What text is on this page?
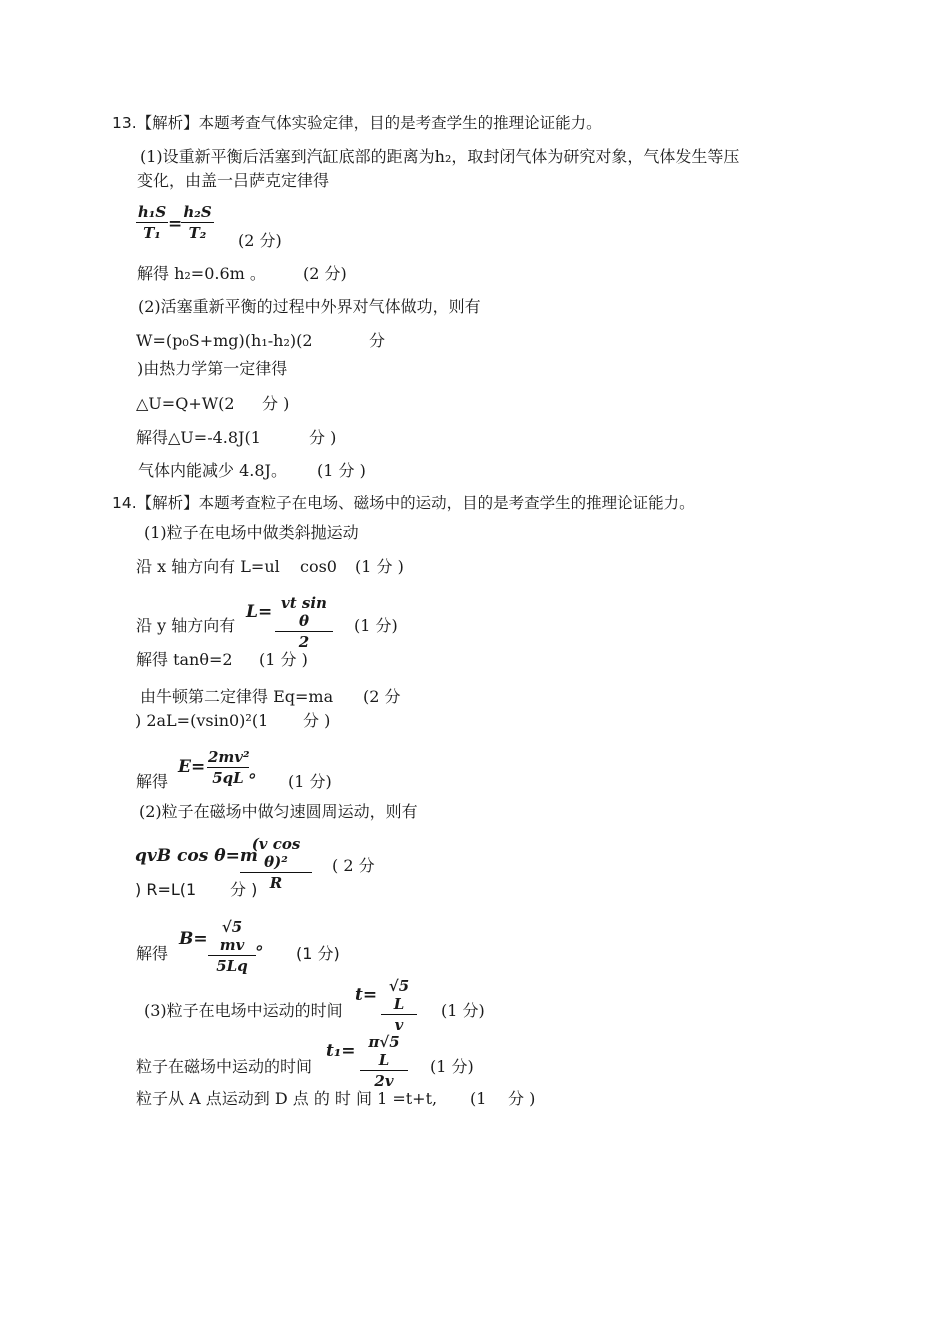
13.【解析】本题考查气体实验定律，目的是考查学生的推理论证能力。
(1)设重新平衡后活塞到汽缸底部的距离为h₂，取封闭气体为研究对象，气体发生等压
变化，由盖一吕萨克定律得
h₁S
T₁ =
h₂S
T₂	(2 分)
解得 h₂=0.6m 。 (2 分)
(2)活塞重新平衡的过程中外界对气体做功，则有
W=(p₀S+mg)(h₁-h₂)(2	分
)由热力学第一定律得
△U=Q+W(2 分 )
解得△U=-4.8J(1	分 )
气体内能减少 4.8J。 (1 分 )
14.【解析】本题考查粒子在电场、磁场中的运动，目的是考查学生的推理论证能力。
(1)粒子在电场中做类斜抛运动
沿 x 轴方向有 L=ul cos0 (1 分 )
沿 y 轴方向有
L= vt sin θ
2
(1 分)
解得 tanθ=2 (1 分 )
由牛顿第二定律得 Eq=ma (2 分
) 2aL=(vsin0)²(1 分 )
解得
E= 2mv²
5qL 。 (1 分)
(2)粒子在磁场中做匀速圆周运动，则有
qvB cos θ=m
(v cos θ)²
R
( 2 分
) R=L(1 分 )
解得
B=
√5 mv
5Lq
。 (1 分)
(3)粒子在电场中运动的时间
t= √5 L
v
(1 分)
粒子在磁场中运动的时间
t₁= π√5 L
2v
(1 分)
粒子从 A 点运动到 D 点 的 时 间 1 =t+t, (1 分 )
